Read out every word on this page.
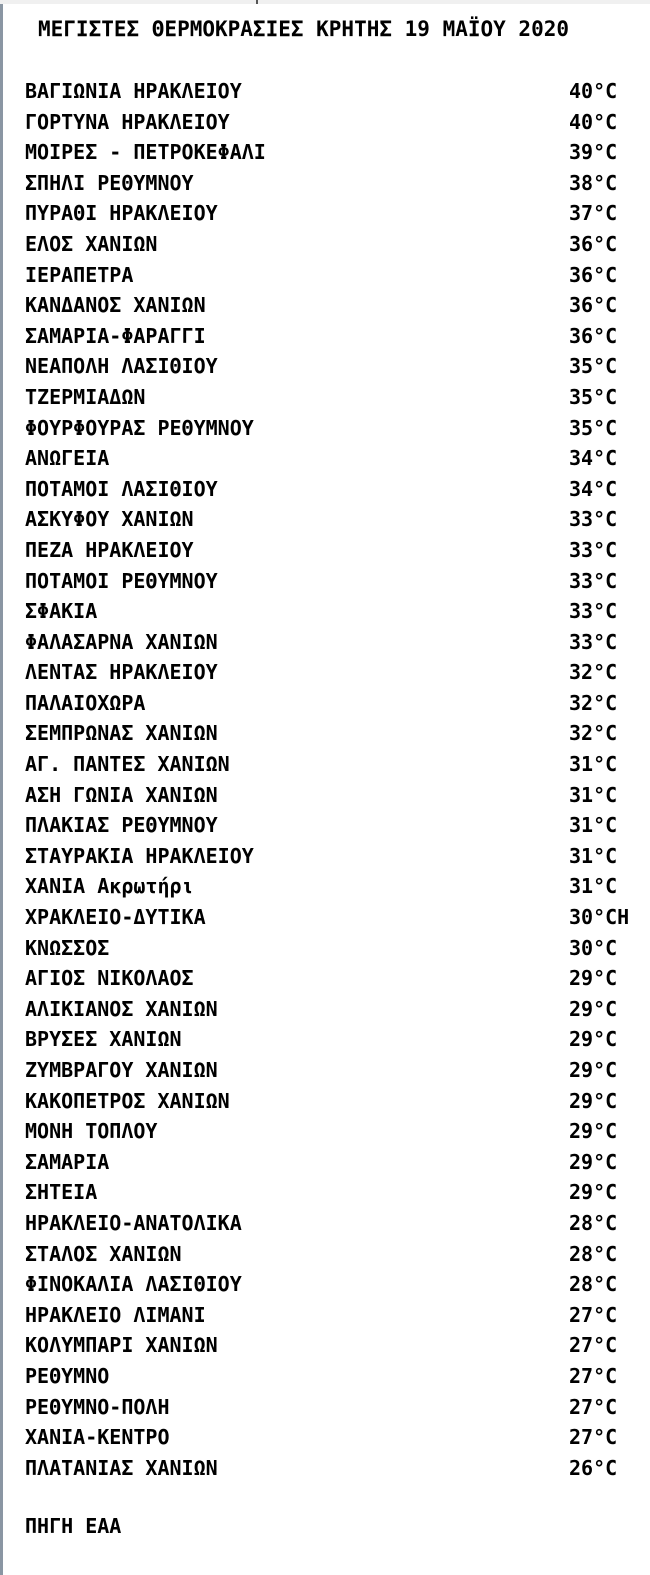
ΜΕΓΙΣΤΕΣ ΘΕΡΜΟΚΡΑΣΙΕΣ ΚΡΗΤΗΣ 19 ΜΑΪΟΥ 2020
ΒΑΓΙΩΝΙΑ ΗΡΑΚΛΕΙΟΥ	40°C
ΓΟΡΤΥΝΑ ΗΡΑΚΛΕΙΟΥ	40°C
ΜΟΙΡΕΣ - ΠΕΤΡΟΚΕΦΑΛΙ	39°C
ΣΠΗΛΙ ΡΕΘΥΜΝΟΥ	38°C
ΠΥΡΑΘΙ ΗΡΑΚΛΕΙΟΥ	37°C
ΕΛΟΣ ΧΑΝΙΩΝ	36°C
ΙΕΡΑΠΕΤΡΑ	36°C
ΚΑΝΔΑΝΟΣ ΧΑΝΙΩΝ	36°C
ΣΑΜΑΡΙΑ-ΦΑΡΑΓΓΙ	36°C
ΝΕΑΠΟΛΗ ΛΑΣΙΘΙΟΥ	35°C
ΤΖΕΡΜΙΑΔΩΝ	35°C
ΦΟΥΡΦΟΥΡΑΣ ΡΕΘΥΜΝΟΥ	35°C
ΑΝΩΓΕΙΑ	34°C
ΠΟΤΑΜΟΙ ΛΑΣΙΘΙΟΥ	34°C
ΑΣΚΥΦΟΥ ΧΑΝΙΩΝ	33°C
ΠΕΖΑ ΗΡΑΚΛΕΙΟΥ	33°C
ΠΟΤΑΜΟΙ ΡΕΘΥΜΝΟΥ	33°C
ΣΦΑΚΙΑ	33°C
ΦΑΛΑΣΑΡΝΑ ΧΑΝΙΩΝ	33°C
ΛΕΝΤΑΣ ΗΡΑΚΛΕΙΟΥ	32°C
ΠΑΛΑΙΟΧΩΡΑ	32°C
ΣΕΜΠΡΩΝΑΣ ΧΑΝΙΩΝ	32°C
ΑΓ. ΠΑΝΤΕΣ ΧΑΝΙΩΝ	31°C
ΑΣΗ ΓΩΝΙΑ ΧΑΝΙΩΝ	31°C
ΠΛΑΚΙΑΣ ΡΕΘΥΜΝΟΥ	31°C
ΣΤΑΥΡΑΚΙΑ ΗΡΑΚΛΕΙΟΥ	31°C
ΧΑΝΙΑ Ακρωτήρι	31°C
ΧΡΑΚΛΕΙΟ-ΔΥΤΙΚΑ	30°CH
ΚΝΩΣΣΟΣ	30°C
ΑΓΙΟΣ ΝΙΚΟΛΑΟΣ	29°C
ΑΛΙΚΙΑΝΟΣ ΧΑΝΙΩΝ	29°C
ΒΡΥΣΕΣ ΧΑΝΙΩΝ	29°C
ΖΥΜΒΡΑΓΟΥ ΧΑΝΙΩΝ	29°C
ΚΑΚΟΠΕΤΡΟΣ ΧΑΝΙΩΝ	29°C
ΜΟΝΗ ΤΟΠΛΟΥ	29°C
ΣΑΜΑΡΙΑ	29°C
ΣΗΤΕΙΑ	29°C
ΗΡΑΚΛΕΙΟ-ΑΝΑΤΟΛΙΚΑ	28°C
ΣΤΑΛΟΣ ΧΑΝΙΩΝ	28°C
ΦΙΝΟΚΑΛΙΑ ΛΑΣΙΘΙΟΥ	28°C
ΗΡΑΚΛΕΙΟ ΛΙΜΑΝΙ	27°C
ΚΟΛΥΜΠΑΡΙ ΧΑΝΙΩΝ	27°C
ΡΕΘΥΜΝΟ	27°C
ΡΕΘΥΜΝΟ-ΠΟΛΗ	27°C
ΧΑΝΙΑ-ΚΕΝΤΡΟ	27°C
ΠΛΑΤΑΝΙΑΣ ΧΑΝΙΩΝ	26°C
ΠΗΓΗ ΕΑΑ
